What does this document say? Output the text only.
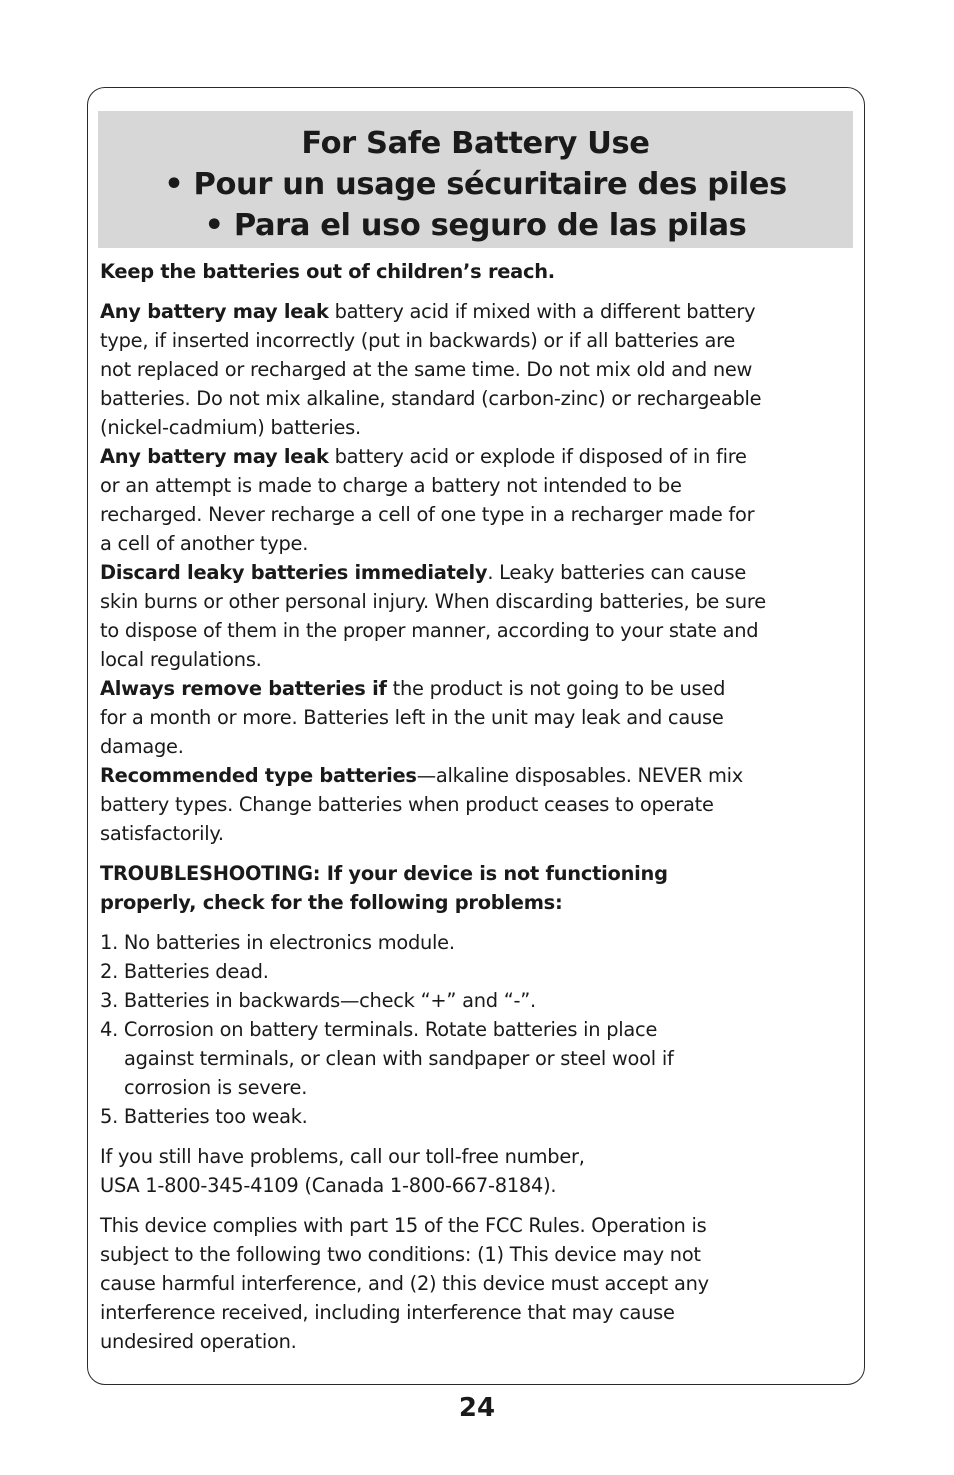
For Safe Battery Use
• Pour un usage sécuritaire des piles
• Para el uso seguro de las pilas

Keep the batteries out of children’s reach.

Any battery may leak battery acid if mixed with a different battery

type, if inserted incorrectly (put in backwards) or if all batteries are

not replaced or recharged at the same time. Do not mix old and new

batteries. Do not mix alkaline, standard (carbon-zinc) or rechargeable

(nickel-cadmium) batteries.

Any battery may leak battery acid or explode if disposed of in fire

or an attempt is made to charge a battery not intended to be

recharged. Never recharge a cell of one type in a recharger made for

a cell of another type.

Discard leaky batteries immediately. Leaky batteries can cause

skin burns or other personal injury. When discarding batteries, be sure

to dispose of them in the proper manner, according to your state and

local regulations.

Always remove batteries if the product is not going to be used

for a month or more. Batteries left in the unit may leak and cause

damage.

Recommended type batteries—alkaline disposables. NEVER mix

battery types. Change batteries when product ceases to operate

satisfactorily.

TROUBLESHOOTING: If your device is not functioning

properly, check for the following problems:

1. No batteries in electronics module.

2. Batteries dead.

3. Batteries in backwards—check “+” and “-”.

4. Corrosion on battery terminals. Rotate batteries in place

against terminals, or clean with sandpaper or steel wool if

corrosion is severe.

5. Batteries too weak.

If you still have problems, call our toll-free number,

USA 1-800-345-4109 (Canada 1-800-667-8184).

This device complies with part 15 of the FCC Rules. Operation is

subject to the following two conditions: (1) This device may not

cause harmful interference, and (2) this device must accept any

interference received, including interference that may cause

undesired operation.

24
